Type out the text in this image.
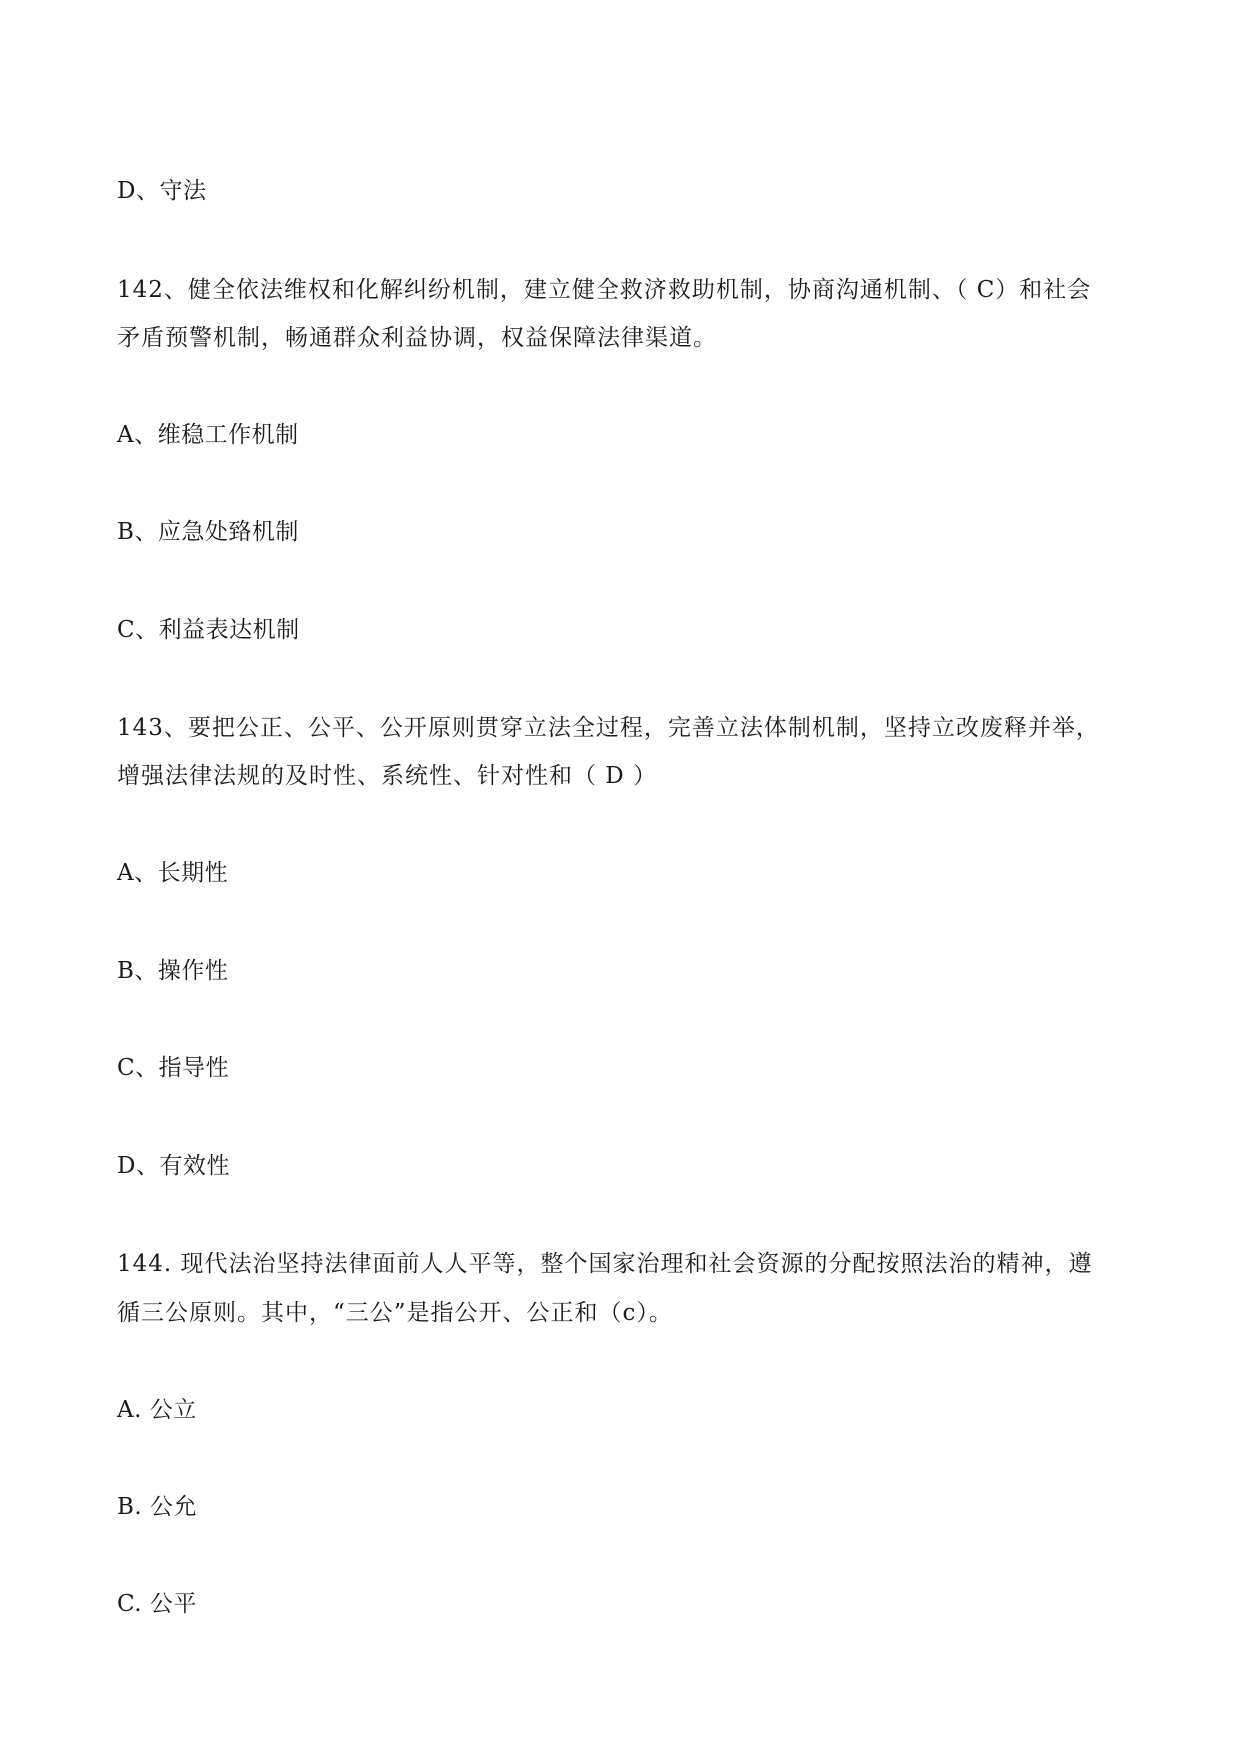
D、守法
142、健全依法维权和化解纠纷机制，建立健全救济救助机制，协商沟通机制、（ C）和社会
矛盾预警机制，畅通群众利益协调，权益保障法律渠道。
A、维稳工作机制
B、应急处臵机制
C、利益表达机制
143、要把公正、公平、公开原则贯穿立法全过程，完善立法体制机制，坚持立改废释并举，
增强法律法规的及时性、系统性、针对性和（ D ）
A、长期性
B、操作性
C、指导性
D、有效性
144. 现代法治坚持法律面前人人平等，整个国家治理和社会资源的分配按照法治的精神，遵
循三公原则。其中，“三公”是指公开、公正和（c）。
A. 公立
B. 公允
C. 公平
